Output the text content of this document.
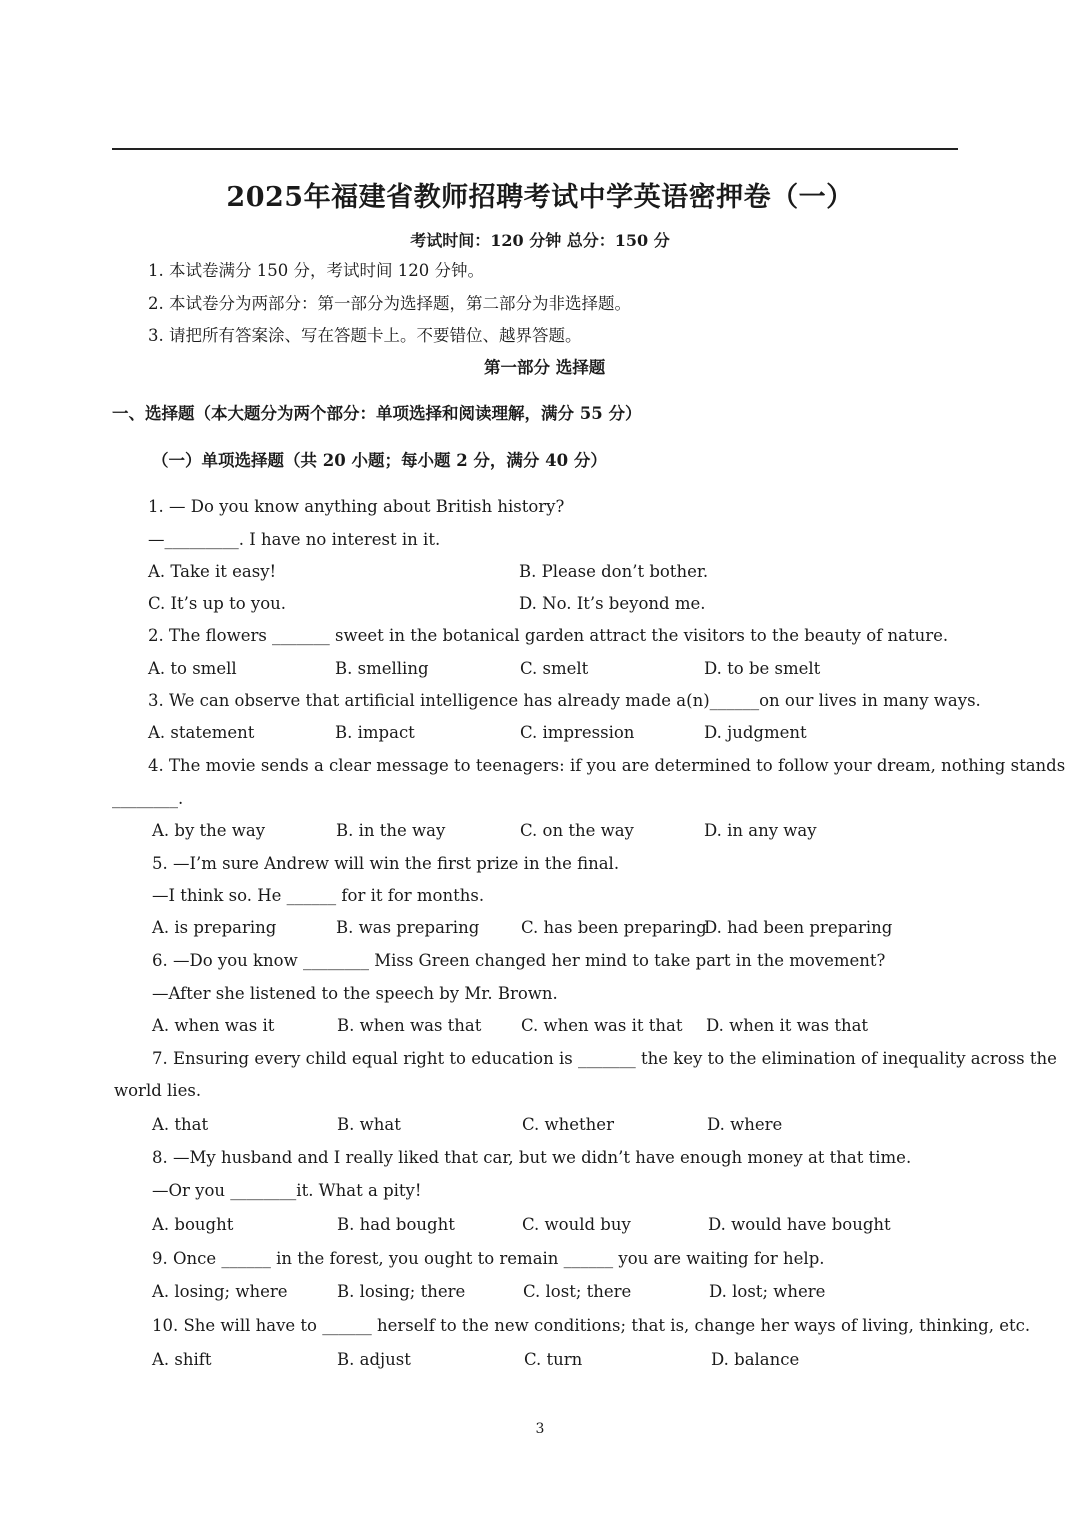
2025年福建省教师招聘考试中学英语密押卷（一）
考试时间：120 分钟 总分：150 分
1. 本试卷满分 150 分，考试时间 120 分钟。
2. 本试卷分为两部分：第一部分为选择题，第二部分为非选择题。
3. 请把所有答案涂、写在答题卡上。不要错位、越界答题。
第一部分 选择题
一、选择题（本大题分为两个部分：单项选择和阅读理解，满分 55 分）
（一）单项选择题（共 20 小题；每小题 2 分，满分 40 分）
1. — Do you know anything about British history?
—_________. I have no interest in it.
A. Take it easy!	B. Please don’t bother.
C. It’s up to you.	D. No. It’s beyond me.
2. The flowers _______ sweet in the botanical garden attract the visitors to the beauty of nature.
A. to smell	B. smelling	C. smelt	D. to be smelt
3. We can observe that artificial intelligence has already made a(n)______on our lives in many ways.
A. statement	B. impact	C. impression	D. judgment
4. The movie sends a clear message to teenagers: if you are determined to follow your dream, nothing stands
________.
A. by the way	B. in the way	C. on the way	D. in any way
5. —I’m sure Andrew will win the first prize in the final.
—I think so. He ______ for it for months.
A. is preparing	B. was preparing	C. has been preparing
D. had been preparing
6. —Do you know ________ Miss Green changed her mind to take part in the movement?
—After she listened to the speech by Mr. Brown.
A. when was it	B. when was that C. when was it that D. when it was that
7. Ensuring every child equal right to education is _______ the key to the elimination of inequality across the
world lies.
A. that	B. what	C. whether	D. where
8. —My husband and I really liked that car, but we didn’t have enough money at that time.
—Or you ________it. What a pity!
A. bought	B. had bought	C. would buy	D. would have bought
9. Once ______ in the forest, you ought to remain ______ you are waiting for help.
A. losing; where	B. losing; there	C. lost; there	D. lost; where
10. She will have to ______ herself to the new conditions; that is, change her ways of living, thinking, etc.
A. shift	B. adjust	C. turn	D. balance
3
